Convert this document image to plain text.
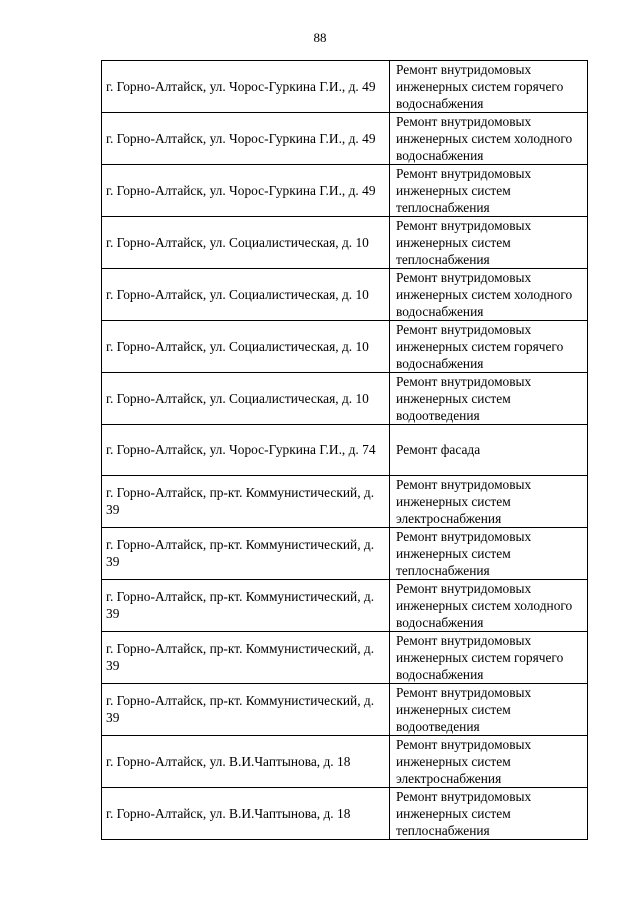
88
г. Горно-Алтайск, ул. Чорос-Гуркина Г.И., д. 49	Ремонт внутридомовых инженерных систем горячего водоснабжения
г. Горно-Алтайск, ул. Чорос-Гуркина Г.И., д. 49	Ремонт внутридомовых инженерных систем холодного водоснабжения
г. Горно-Алтайск, ул. Чорос-Гуркина Г.И., д. 49	Ремонт внутридомовых инженерных систем теплоснабжения
г. Горно-Алтайск, ул. Социалистическая, д. 10	Ремонт внутридомовых инженерных систем теплоснабжения
г. Горно-Алтайск, ул. Социалистическая, д. 10	Ремонт внутридомовых инженерных систем холодного водоснабжения
г. Горно-Алтайск, ул. Социалистическая, д. 10	Ремонт внутридомовых инженерных систем горячего водоснабжения
г. Горно-Алтайск, ул. Социалистическая, д. 10	Ремонт внутридомовых инженерных систем водоотведения
г. Горно-Алтайск, ул. Чорос-Гуркина Г.И., д. 74	Ремонт фасада
г. Горно-Алтайск, пр-кт. Коммунистический, д. 39	Ремонт внутридомовых инженерных систем электроснабжения
г. Горно-Алтайск, пр-кт. Коммунистический, д. 39	Ремонт внутридомовых инженерных систем теплоснабжения
г. Горно-Алтайск, пр-кт. Коммунистический, д. 39	Ремонт внутридомовых инженерных систем холодного водоснабжения
г. Горно-Алтайск, пр-кт. Коммунистический, д. 39	Ремонт внутридомовых инженерных систем горячего водоснабжения
г. Горно-Алтайск, пр-кт. Коммунистический, д. 39	Ремонт внутридомовых инженерных систем водоотведения
г. Горно-Алтайск, ул. В.И.Чаптынова, д. 18	Ремонт внутридомовых инженерных систем электроснабжения
г. Горно-Алтайск, ул. В.И.Чаптынова, д. 18	Ремонт внутридомовых инженерных систем теплоснабжения
